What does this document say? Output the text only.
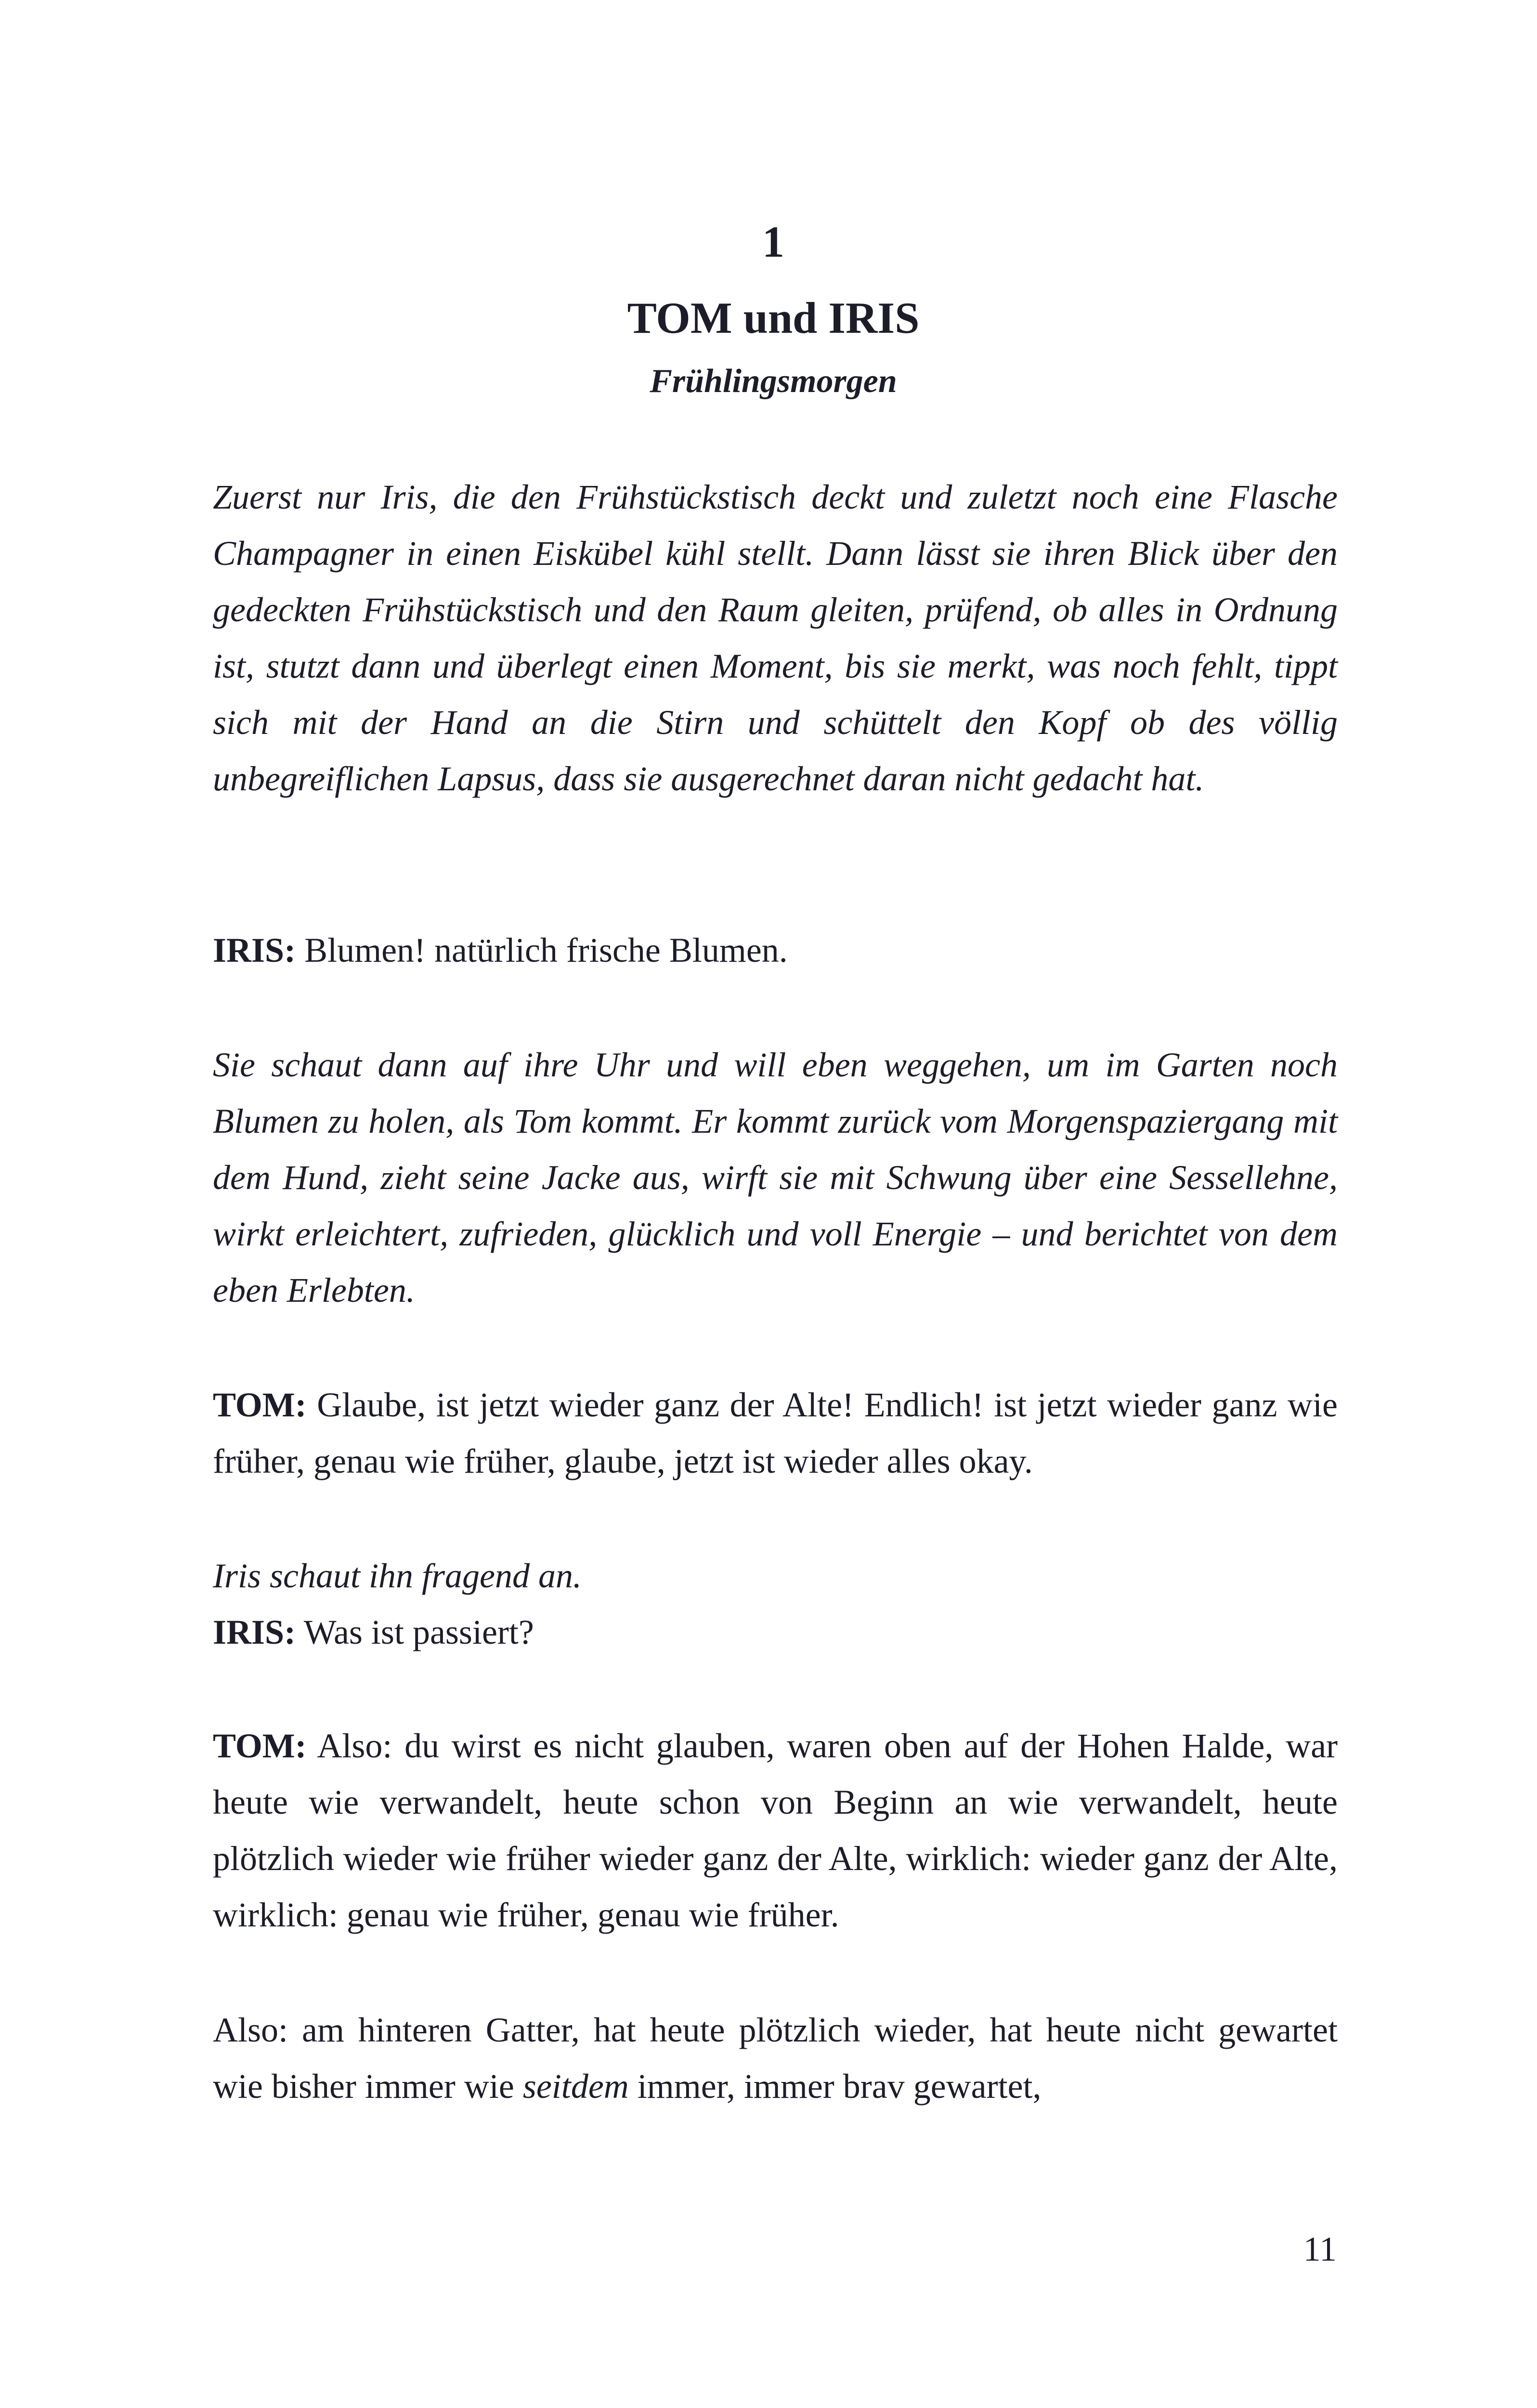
1
TOM und IRIS
Frühlingsmorgen

Zuerst nur Iris, die den Frühstückstisch deckt und zuletzt noch eine Flasche Champagner in einen Eiskübel kühl stellt. Dann lässt sie ihren Blick über den gedeckten Frühstückstisch und den Raum gleiten, prüfend, ob alles in Ordnung ist, stutzt dann und überlegt einen Moment, bis sie merkt, was noch fehlt, tippt sich mit der Hand an die Stirn und schüttelt den Kopf ob des völlig unbegreiflichen Lapsus, dass sie ausgerechnet daran nicht gedacht hat.

IRIS: Blumen! natürlich frische Blumen.

Sie schaut dann auf ihre Uhr und will eben weggehen, um im Garten noch Blumen zu holen, als Tom kommt. Er kommt zurück vom Morgenspaziergang mit dem Hund, zieht seine Jacke aus, wirft sie mit Schwung über eine Sessellehne, wirkt erleichtert, zufrieden, glücklich und voll Energie – und berichtet von dem eben Erlebten.

TOM: Glaube, ist jetzt wieder ganz der Alte! Endlich! ist jetzt wieder ganz wie früher, genau wie früher, glaube, jetzt ist wieder alles okay.

Iris schaut ihn fragend an.

IRIS: Was ist passiert?

TOM: Also: du wirst es nicht glauben, waren oben auf der Hohen Halde, war heute wie verwandelt, heute schon von Beginn an wie verwandelt, heute plötzlich wieder wie früher wieder ganz der Alte, wirklich: wieder ganz der Alte, wirklich: genau wie früher, genau wie früher.

Also: am hinteren Gatter, hat heute plötzlich wieder, hat heute nicht gewartet wie bisher immer wie seitdem immer, immer brav gewartet,

11
